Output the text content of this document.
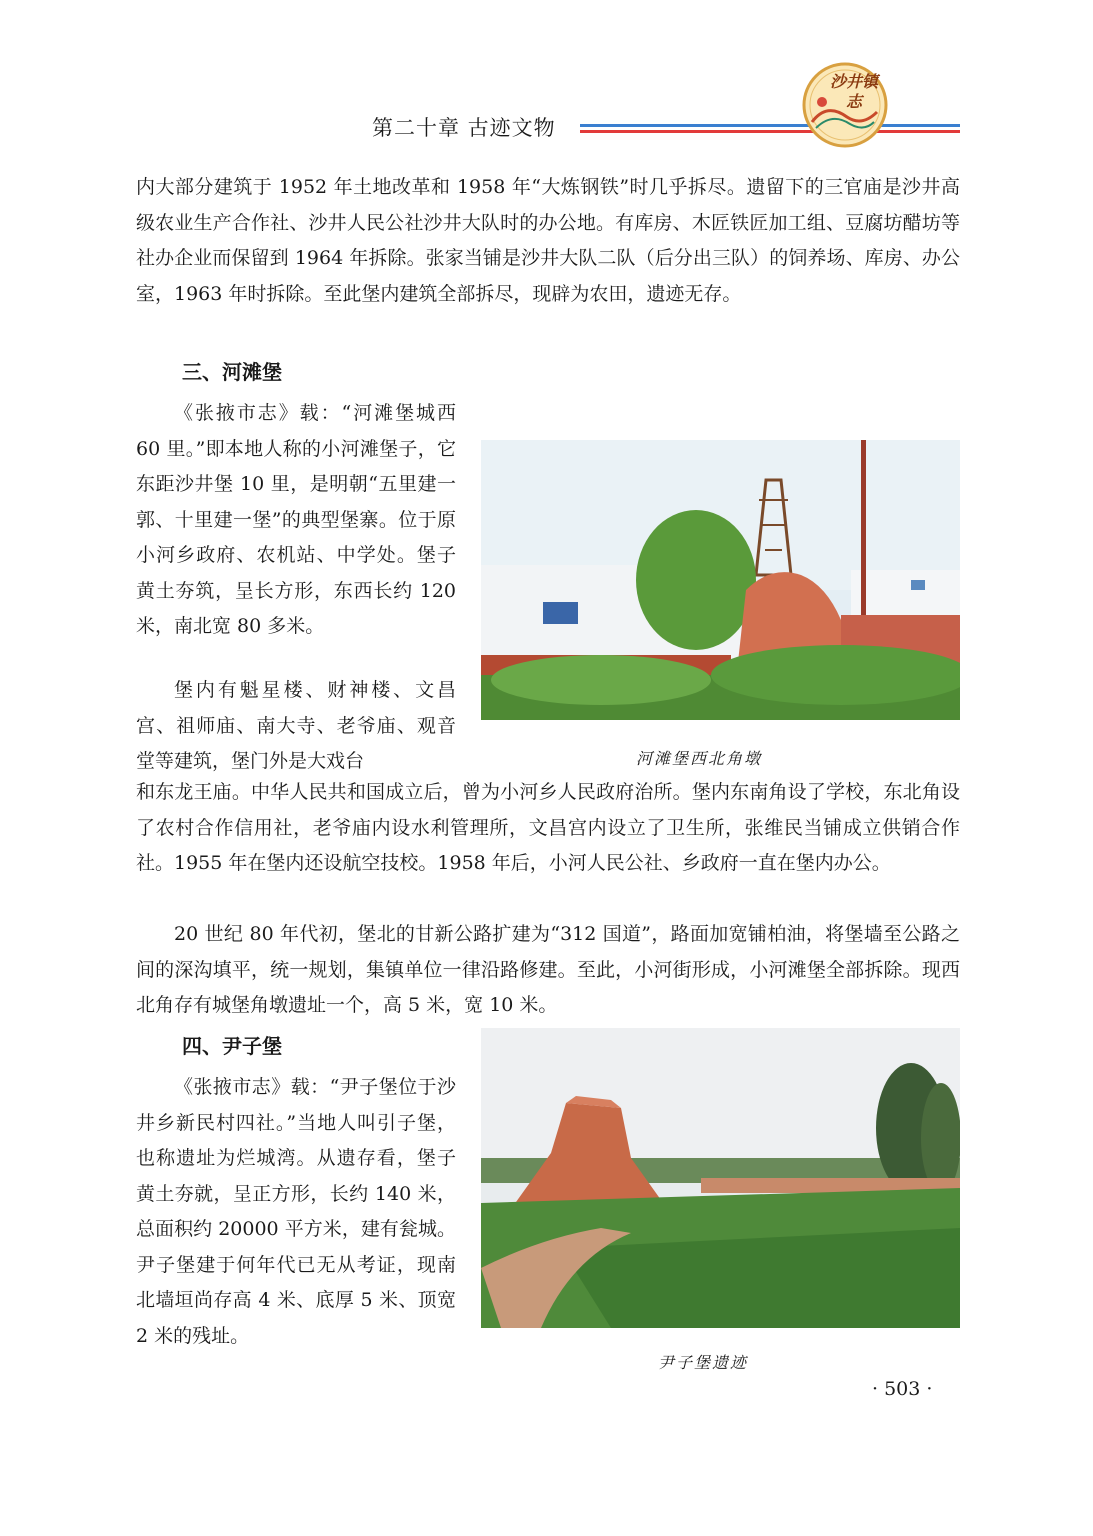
第二十章 古迹文物
沙井镇志

内大部分建筑于 1952 年土地改革和 1958 年“大炼钢铁”时几乎拆尽。遗留下的三官庙是沙井高级农业生产合作社、沙井人民公社沙井大队时的办公地。有库房、木匠铁匠加工组、豆腐坊醋坊等社办企业而保留到 1964 年拆除。张家当铺是沙井大队二队（后分出三队）的饲养场、库房、办公室，1963 年时拆除。至此堡内建筑全部拆尽，现辟为农田，遗迹无存。

三、河滩堡

《张掖市志》载：“河滩堡城西 60 里。”即本地人称的小河滩堡子，它东距沙井堡 10 里，是明朝“五里建一郭、十里建一堡”的典型堡寨。位于原小河乡政府、农机站、中学处。堡子黄土夯筑，呈长方形，东西长约 120 米，南北宽 80 多米。

堡内有魁星楼、财神楼、文昌宫、祖师庙、南大寺、老爷庙、观音堂等建筑，堡门外是大戏台	河滩堡西北角墩

和东龙王庙。中华人民共和国成立后，曾为小河乡人民政府治所。堡内东南角设了学校，东北角设了农村合作信用社，老爷庙内设水利管理所，文昌宫内设立了卫生所，张维民当铺成立供销合作社。1955 年在堡内还设航空技校。1958 年后，小河人民公社、乡政府一直在堡内办公。

20 世纪 80 年代初，堡北的甘新公路扩建为“312 国道”，路面加宽铺柏油，将堡墙至公路之间的深沟填平，统一规划，集镇单位一律沿路修建。至此，小河街形成，小河滩堡全部拆除。现西北角存有城堡角墩遗址一个，高 5 米，宽 10 米。

四、尹子堡

《张掖市志》载：“尹子堡位于沙井乡新民村四社。”当地人叫引子堡，也称遗址为烂城湾。从遗存看，堡子黄土夯就，呈正方形，长约 140 米，总面积约 20000 平方米，建有瓮城。尹子堡建于何年代已无从考证，现南北墙垣尚存高 4 米、底厚 5 米、顶宽 2 米的残址。

尹子堡遗迹
· 503 ·
